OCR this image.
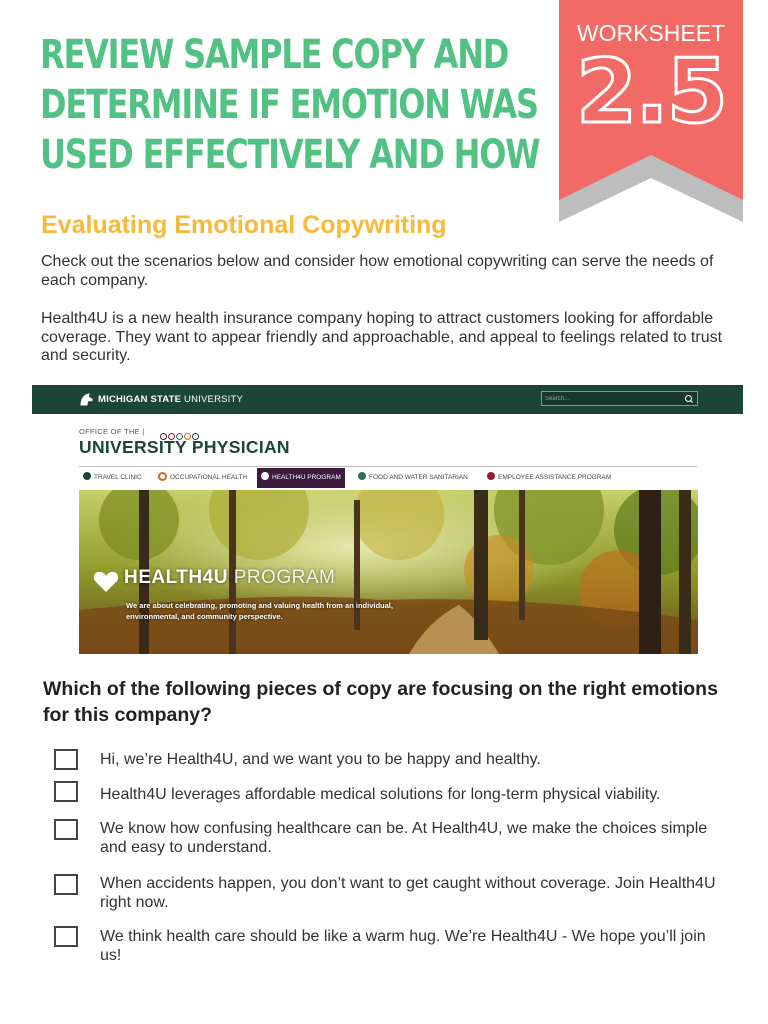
REVIEW SAMPLE COPY AND
DETERMINE IF EMOTION WAS
USED EFFECTIVELY AND HOW
WORKSHEET
2.5
Evaluating Emotional Copywriting

Check out the scenarios below and consider how emotional copywriting can serve the needs of each company.

Health4U is a new health insurance company hoping to attract customers looking for affordable coverage. They want to appear friendly and approachable, and appeal to feelings related to trust and security.

MICHIGAN STATE UNIVERSITY
Search...
OFFICE OF THE |
UNIVERSITY PHYSICIAN
TRAVEL CLINIC	OCCUPATIONAL HEALTH	HEALTH4U PROGRAM	FOOD AND WATER SANITARIAN	EMPLOYEE ASSISTANCE PROGRAM
HEALTH4U PROGRAM
We are about celebrating, promoting and valuing health from an individual, environmental, and community perspective.

Which of the following pieces of copy are focusing on the right emotions for this company?

Hi, we’re Health4U, and we want you to be happy and healthy.
Health4U leverages affordable medical solutions for long-term physical viability.
We know how confusing healthcare can be. At Health4U, we make the choices simple and easy to understand.
When accidents happen, you don’t want to get caught without coverage. Join Health4U right now.
We think health care should be like a warm hug. We’re Health4U - We hope you’ll join us!
